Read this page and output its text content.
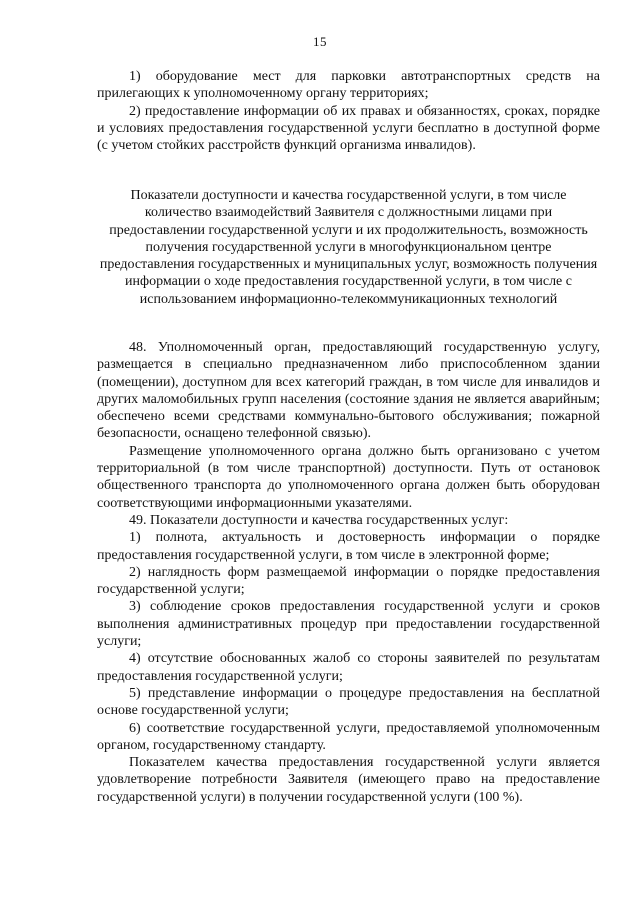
15

1) оборудование мест для парковки автотранспортных средств на прилегающих к уполномоченному органу территориях;

2) предоставление информации об их правах и обязанностях, сроках, порядке и условиях предоставления государственной услуги бесплатно в доступной форме (с учетом стойких расстройств функций организма инвалидов).

Показатели доступности и качества государственной услуги, в том числе количество взаимодействий Заявителя с должностными лицами при предоставлении государственной услуги и их продолжительность, возможность получения государственной услуги в многофункциональном центре предоставления государственных и муниципальных услуг, возможность получения информации о ходе предоставления государственной услуги, в том числе с использованием информационно-телекоммуникационных технологий

48. Уполномоченный орган, предоставляющий государственную услугу, размещается в специально предназначенном либо приспособленном здании (помещении), доступном для всех категорий граждан, в том числе для инвалидов и других маломобильных групп населения (состояние здания не является аварийным; обеспечено всеми средствами коммунально-бытового обслуживания; пожарной безопасности, оснащено телефонной связью).

Размещение уполномоченного органа должно быть организовано с учетом территориальной (в том числе транспортной) доступности. Путь от остановок общественного транспорта до уполномоченного органа должен быть оборудован соответствующими информационными указателями.

49. Показатели доступности и качества государственных услуг:

1) полнота, актуальность и достоверность информации о порядке предоставления государственной услуги, в том числе в электронной форме;

2) наглядность форм размещаемой информации о порядке предоставления государственной услуги;

3) соблюдение сроков предоставления государственной услуги и сроков выполнения административных процедур при предоставлении государственной услуги;

4) отсутствие обоснованных жалоб со стороны заявителей по результатам предоставления государственной услуги;

5) представление информации о процедуре предоставления на бесплатной основе государственной услуги;

6) соответствие государственной услуги, предоставляемой уполномоченным органом, государственному стандарту.

Показателем качества предоставления государственной услуги является удовлетворение потребности Заявителя (имеющего право на предоставление государственной услуги) в получении государственной услуги (100 %).
